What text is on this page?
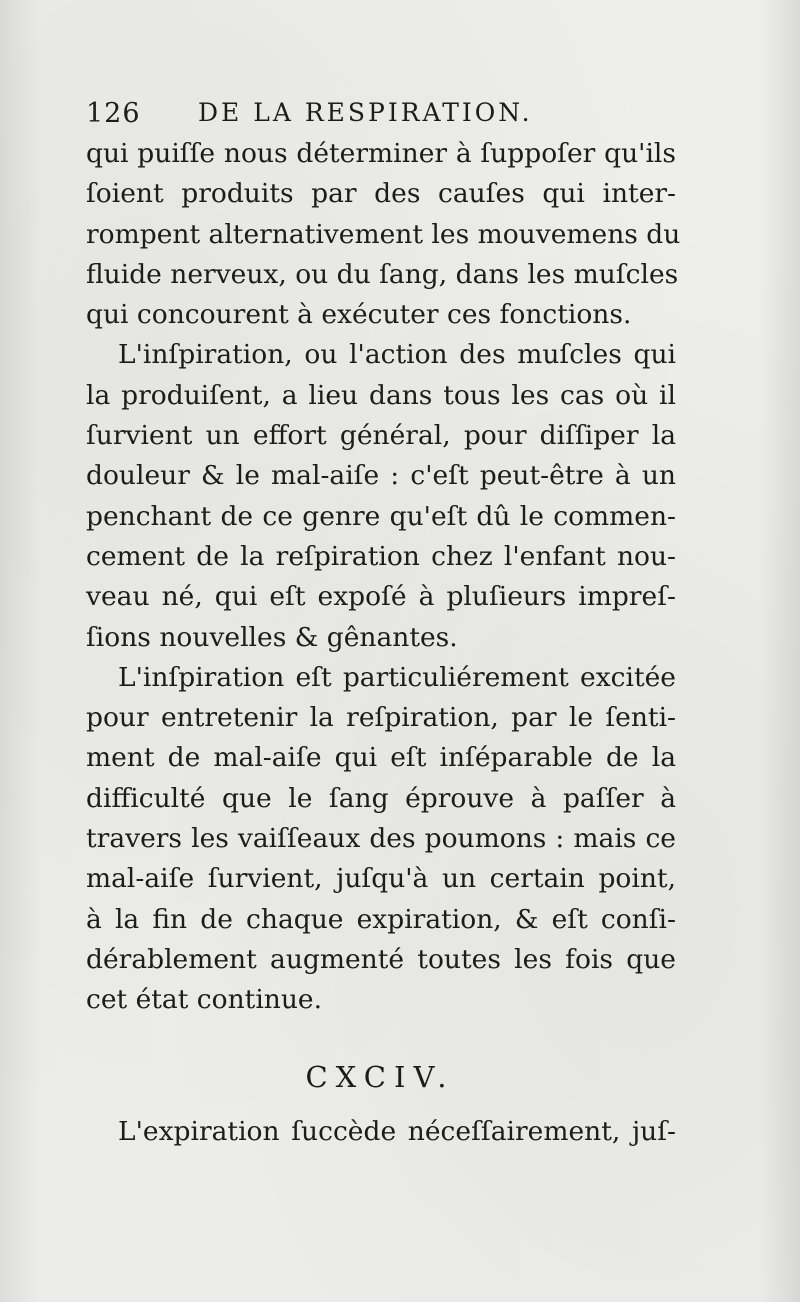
126 DE LA RESPIRATION.
qui puiſſe nous déterminer à ſuppoſer qu'ils
ſoient produits par des cauſes qui inter-
rompent alternativement les mouvemens du
fluide nerveux, ou du ſang, dans les muſcles
qui concourent à exécuter ces fonctions.
L'inſpiration, ou l'action des muſcles qui
la produiſent, a lieu dans tous les cas où il
ſurvient un effort général, pour diſſiper la
douleur & le mal-aiſe : c'eſt peut-être à un
penchant de ce genre qu'eſt dû le commen-
cement de la reſpiration chez l'enfant nou-
veau né, qui eſt expoſé à pluſieurs impreſ-
ſions nouvelles & gênantes.
L'inſpiration eſt particuliérement excitée
pour entretenir la reſpiration, par le ſenti-
ment de mal-aiſe qui eſt inſéparable de la
difficulté que le ſang éprouve à paſſer à
travers les vaiſſeaux des poumons : mais ce
mal-aiſe ſurvient, juſqu'à un certain point,
à la fin de chaque expiration, & eſt conſi-
dérablement augmenté toutes les fois que
cet état continue.
CXCIV.
L'expiration ſuccède néceſſairement, juſ-
